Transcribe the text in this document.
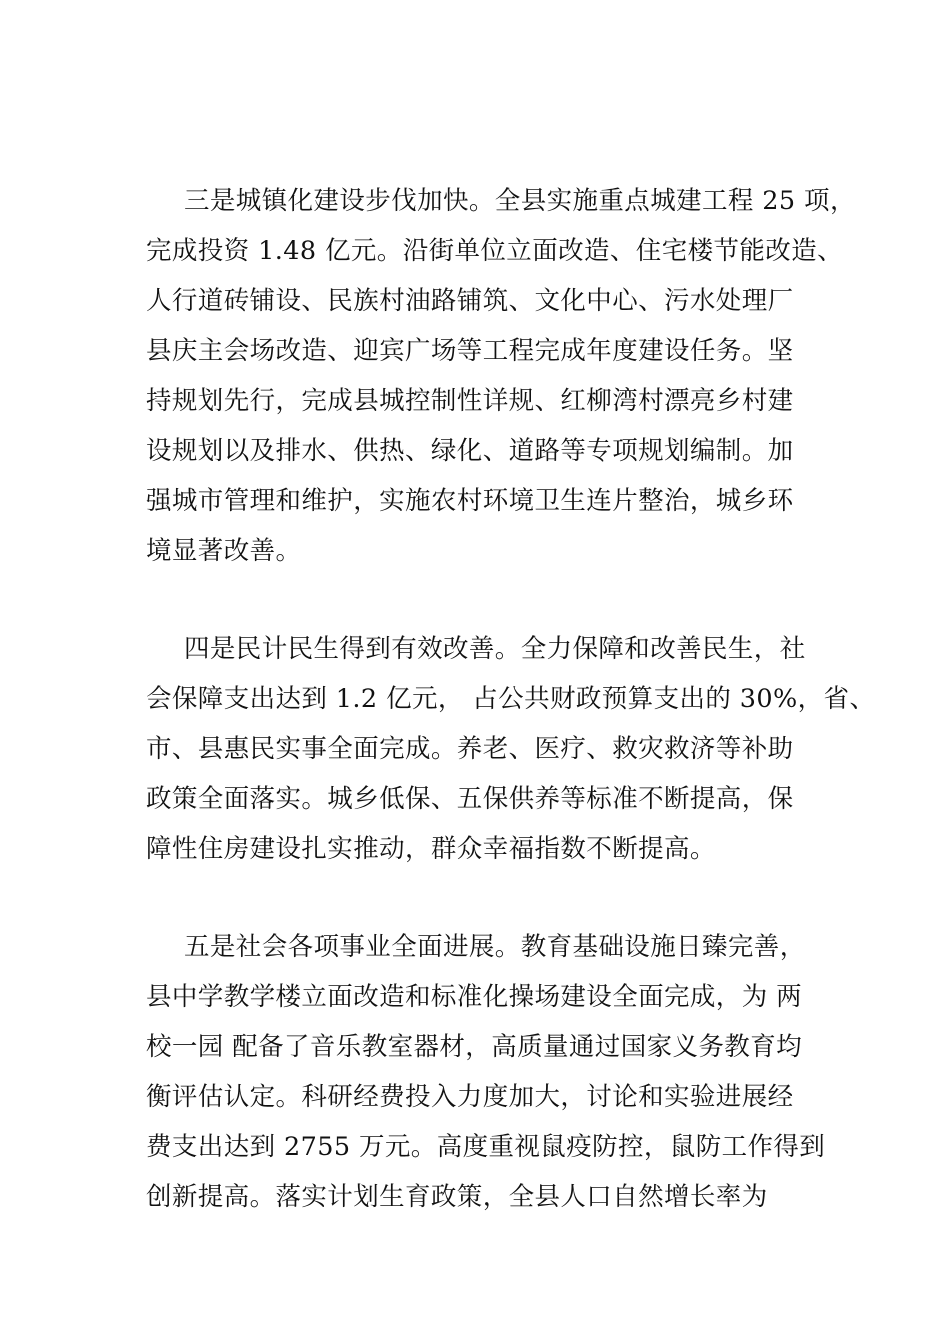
三是城镇化建设步伐加快。全县实施重点城建工程 25 项，
完成投资 1.48 亿元。沿街单位立面改造、住宅楼节能改造、
人行道砖铺设、民族村油路铺筑、文化中心、污水处理厂
县庆主会场改造、迎宾广场等工程完成年度建设任务。坚
持规划先行，完成县城控制性详规、红柳湾村漂亮乡村建
设规划以及排水、供热、绿化、道路等专项规划编制。加
强城市管理和维护，实施农村环境卫生连片整治，城乡环
境显著改善。
四是民计民生得到有效改善。全力保障和改善民生，社
会保障支出达到 1.2 亿元， 占公共财政预算支出的 30%，省、
市、县惠民实事全面完成。养老、医疗、救灾救济等补助
政策全面落实。城乡低保、五保供养等标准不断提高，保
障性住房建设扎实推动，群众幸福指数不断提高。
五是社会各项事业全面进展。教育基础设施日臻完善，
县中学教学楼立面改造和标准化操场建设全面完成，为 两
校一园 配备了音乐教室器材，高质量通过国家义务教育均
衡评估认定。科研经费投入力度加大，讨论和实验进展经
费支出达到 2755 万元。高度重视鼠疫防控，鼠防工作得到
创新提高。落实计划生育政策，全县人口自然增长率为
